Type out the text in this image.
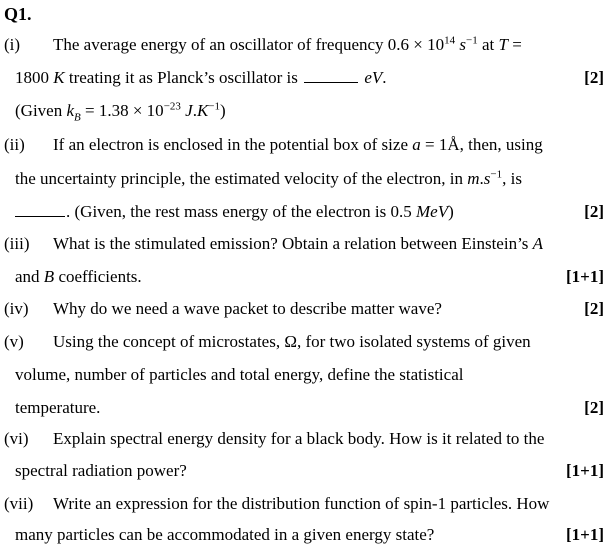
Q1.
(i) The average energy of an oscillator of frequency $0.6 \times 10^{14}$ $s^{-1}$ at T =
1800 K treating it as Planck’s oscillator is	eV.	[2]
(Given $k_B = 1.38 \times 10^{-23}$ $J.K^{-1}$)
(ii) If an electron is enclosed in the potential box of size a = 1Å, then, using
the uncertainty principle, the estimated velocity of the electron, in $m.s^{-1}$, is
. (Given, the rest mass energy of the electron is 0.5 MeV)	[2]
(iii) What is the stimulated emission? Obtain a relation between Einstein’s A
and B coefficients.	[1+1]
(iv) Why do we need a wave packet to describe matter wave?	[2]
(v) Using the concept of microstates, Ω, for two isolated systems of given
volume, number of particles and total energy, define the statistical
temperature.	[2]
(vi) Explain spectral energy density for a black body. How is it related to the
spectral radiation power?	[1+1]
(vii) Write an expression for the distribution function of spin-1 particles. How
many particles can be accommodated in a given energy state?	[1+1]
